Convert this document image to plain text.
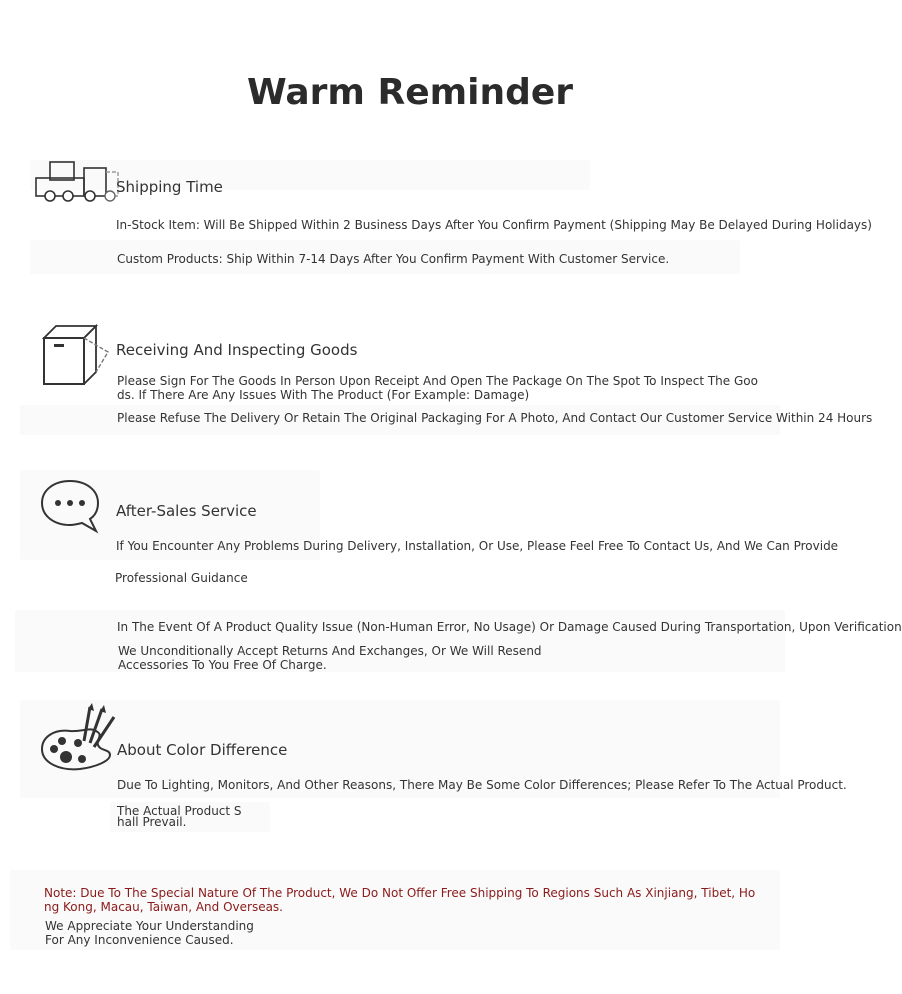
Warm Reminder
Shipping Time
In-Stock Item: Will Be Shipped Within 2 Business Days After You Confirm Payment (Shipping May Be Delayed During Holidays)
Custom Products: Ship Within 7-14 Days After You Confirm Payment With Customer Service.
Receiving And Inspecting Goods
Please Sign For The Goods In Person Upon Receipt And Open The Package On The Spot To Inspect The Goods. If There Are Any Issues With The Product (For Example: Damage)
Please Refuse The Delivery Or Retain The Original Packaging For A Photo, And Contact Our Customer Service Within 24 Hours
After-Sales Service
If You Encounter Any Problems During Delivery, Installation, Or Use, Please Feel Free To Contact Us, And We Can Provide
Professional Guidance
In The Event Of A Product Quality Issue (Non-Human Error, No Usage) Or Damage Caused During Transportation, Upon Verification
We Unconditionally Accept Returns And Exchanges, Or We Will Resend Accessories To You Free Of Charge.
About Color Difference
Due To Lighting, Monitors, And Other Reasons, There May Be Some Color Differences; Please Refer To The Actual Product.
The Actual Product Shall Prevail.
Note: Due To The Special Nature Of The Product, We Do Not Offer Free Shipping To Regions Such As Xinjiang, Tibet, Hong Kong, Macau, Taiwan, And Overseas.
We Appreciate Your Understanding For Any Inconvenience Caused.
